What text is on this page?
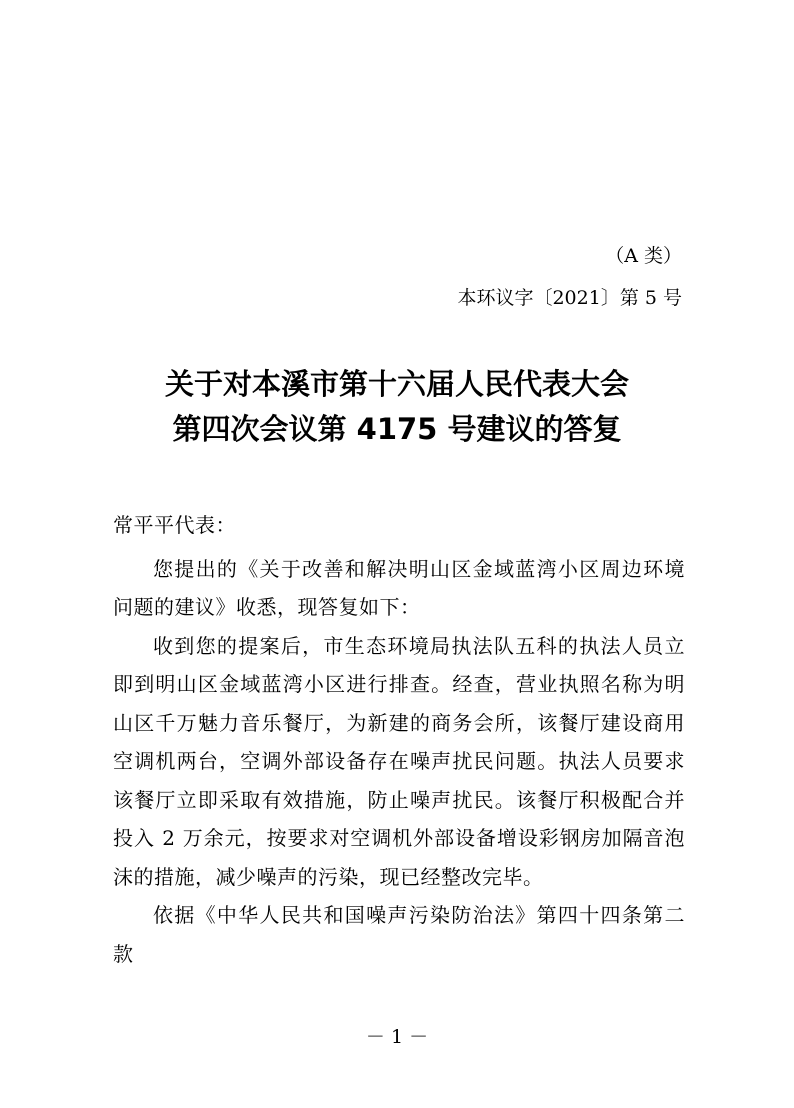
（A 类）
本环议字〔2021〕第 5 号
关于对本溪市第十六届人民代表大会
第四次会议第 4175 号建议的答复

常平平代表：

您提出的《关于改善和解决明山区金域蓝湾小区周边环境问题的建议》收悉，现答复如下：

收到您的提案后，市生态环境局执法队五科的执法人员立即到明山区金域蓝湾小区进行排查。经查，营业执照名称为明山区千万魅力音乐餐厅，为新建的商务会所，该餐厅建设商用空调机两台，空调外部设备存在噪声扰民问题。执法人员要求该餐厅立即采取有效措施，防止噪声扰民。该餐厅积极配合并投入 2 万余元，按要求对空调机外部设备增设彩钢房加隔音泡沫的措施，减少噪声的污染，现已经整改完毕。

依据《中华人民共和国噪声污染防治法》第四十四条第二款

－ 1 －
